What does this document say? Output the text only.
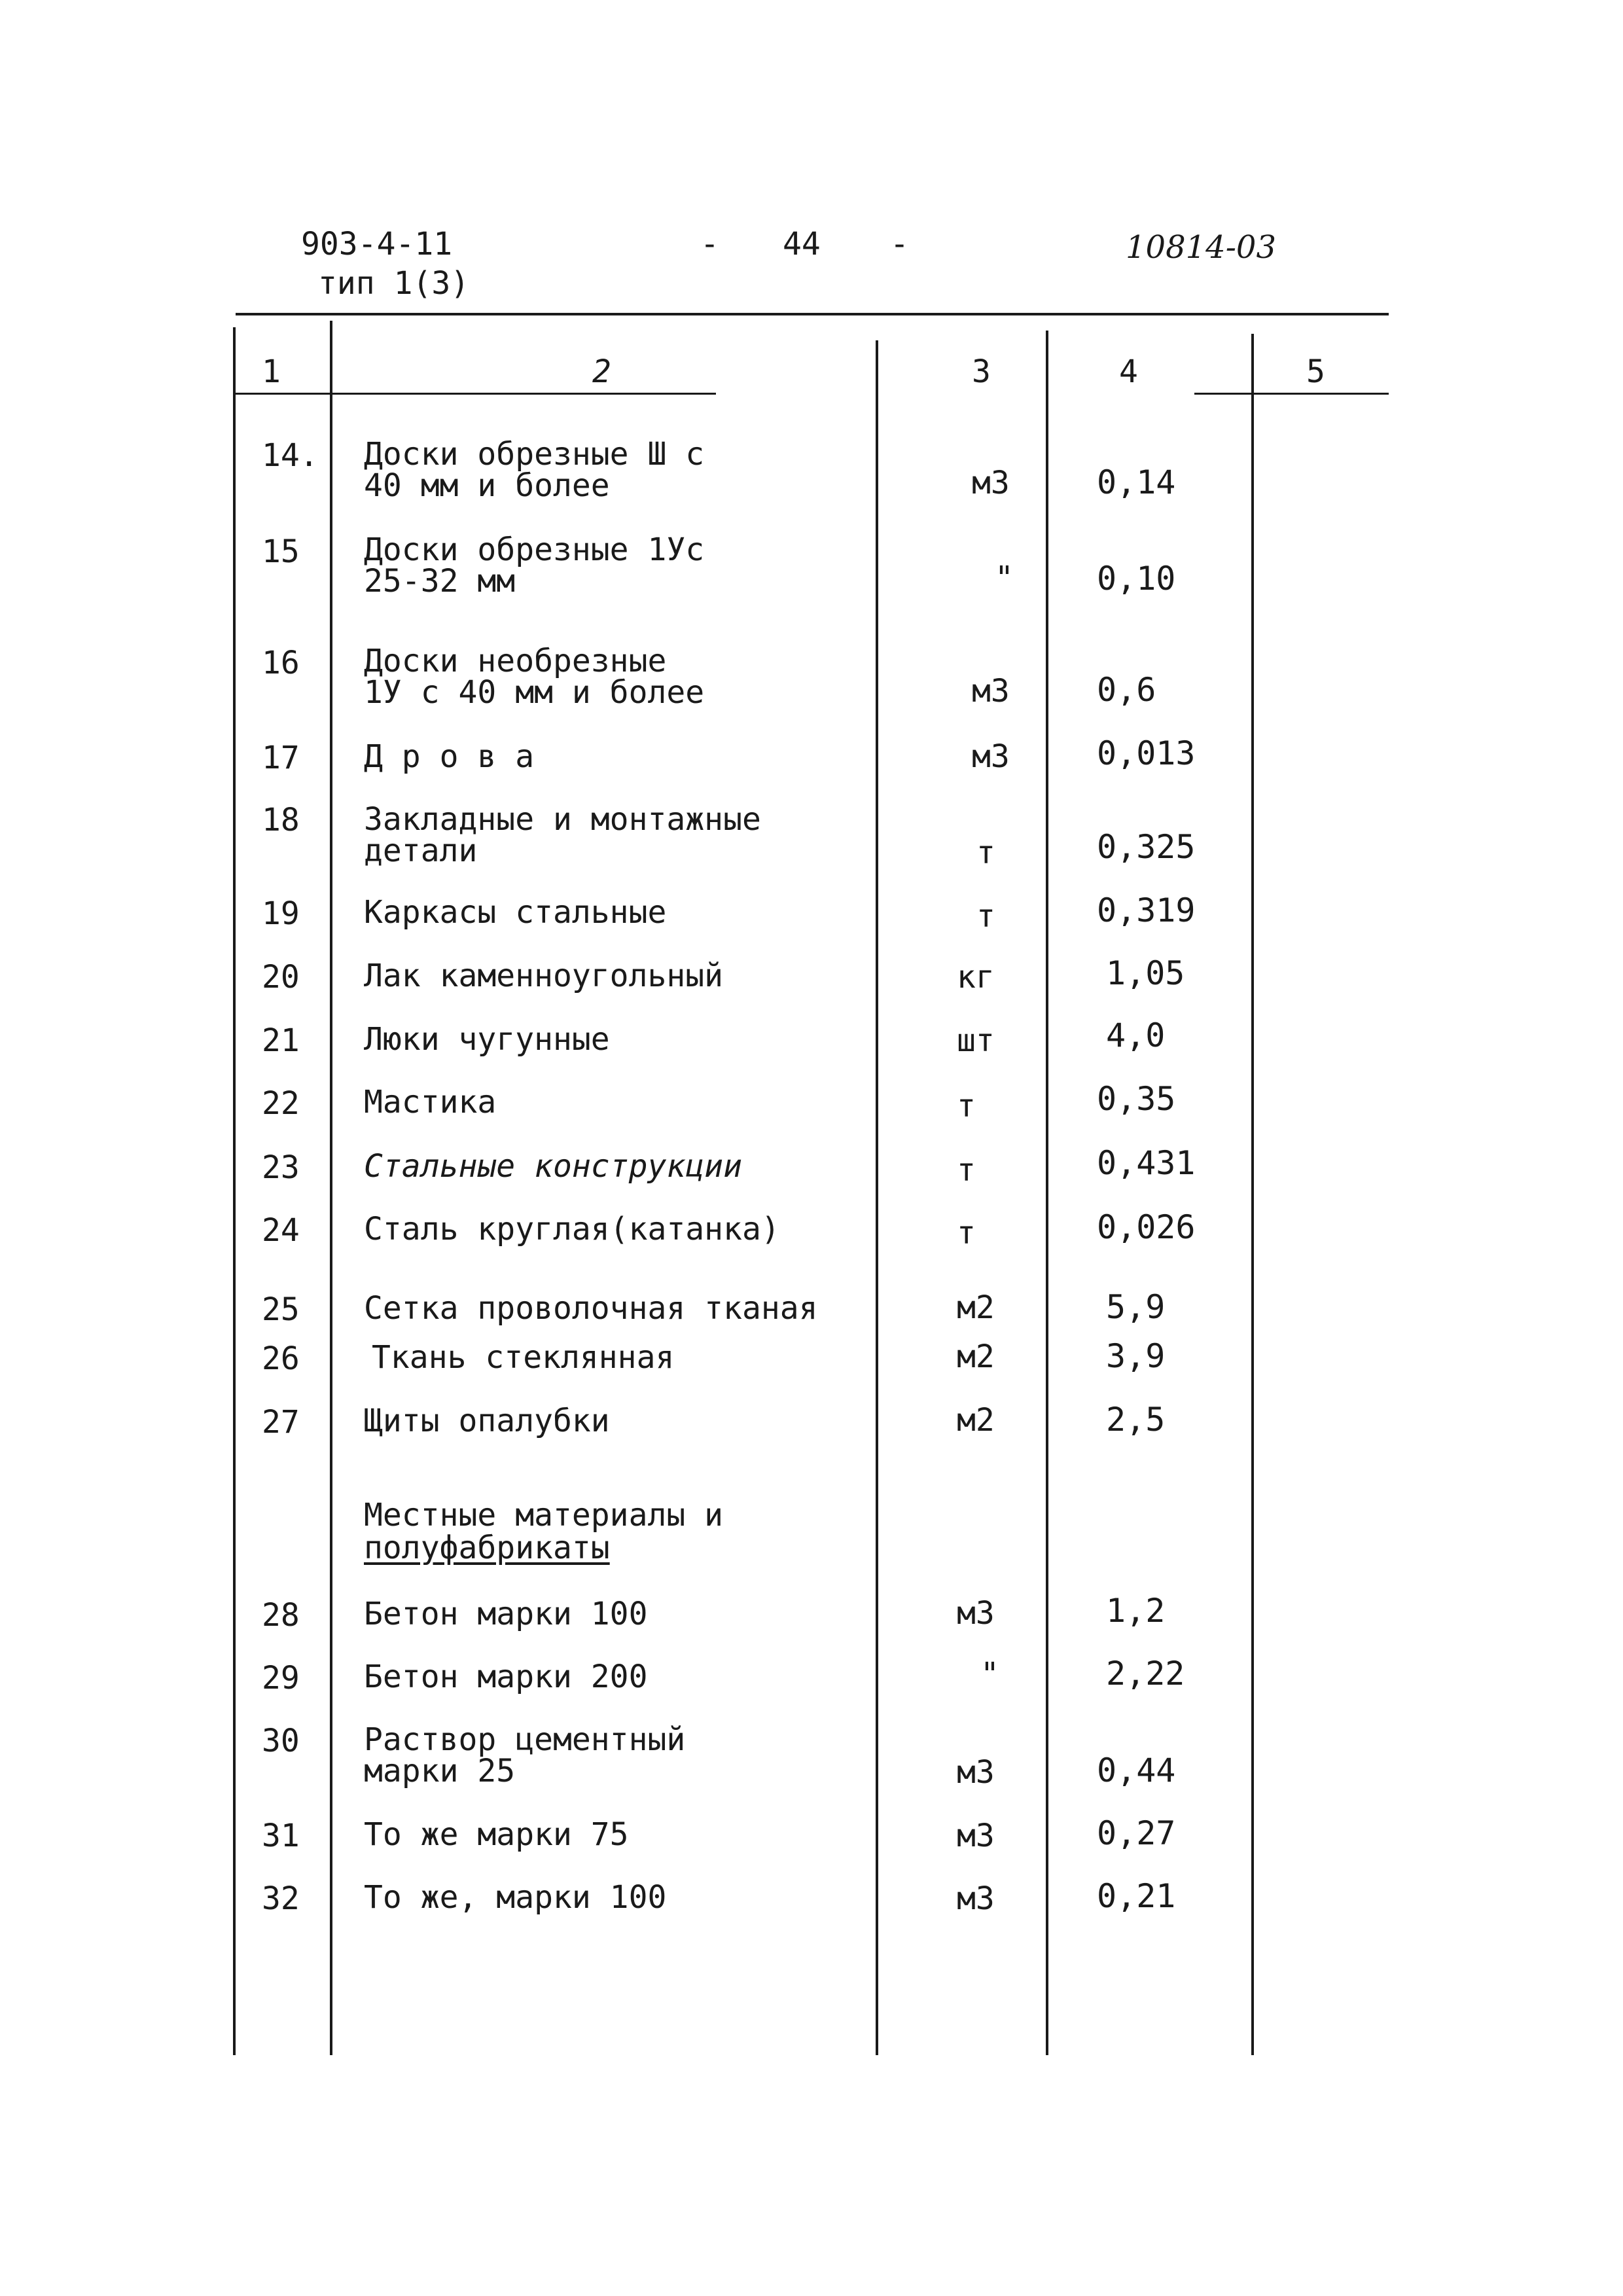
903-4-11
тип 1(3)
- 44 -	10814-03
1	2	3	4	5
14. Доски обрезные Ш с
40 мм и более	м3	0,14
15 Доски обрезные 1Ус
25-32 мм	"	0,10
16 Доски необрезные
1У с 40 мм и более	м3	0,6
17 Д р о в а	м3	0,013
18 Закладные и монтажные
детали	т	0,325
19 Каркасы стальные	т	0,319
20 Лак каменноугольный	кг	1,05
21 Люки чугунные	шт	4,0
22 Мастика	т	0,35
23 Стальные конструкции	т	0,431
24 Сталь круглая(катанка)	т	0,026
25 Сетка проволочная тканая	м2	5,9
26 Ткань стеклянная	м2	3,9
27 Щиты опалубки	м2	2,5
Местные материалы и
полуфабрикаты
28 Бетон марки 100	м3	1,2
29 Бетон марки 200	"	2,22
30 Раствор цементный
марки 25	м3	0,44
31 То же марки 75	м3	0,27
32 То же, марки 100	м3	0,21
